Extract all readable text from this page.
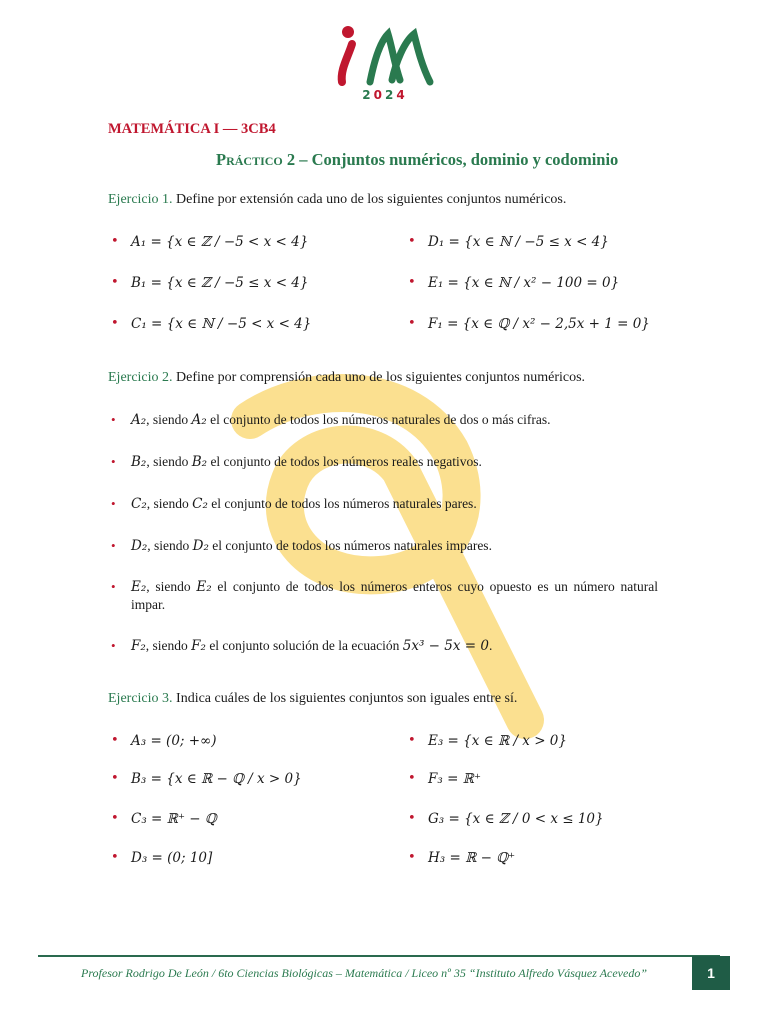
2024
MATEMÁTICA I — 3CB4
Práctico 2 – Conjuntos numéricos, dominio y codominio
Ejercicio 1. Define por extensión cada uno de los siguientes conjuntos numéricos.
• A₁ = {x ∈ ℤ / −5 < x < 4}
• B₁ = {x ∈ ℤ / −5 ≤ x < 4}
• C₁ = {x ∈ ℕ / −5 < x < 4}
• D₁ = {x ∈ ℕ / −5 ≤ x < 4}
• E₁ = {x ∈ ℕ / x² − 100 = 0}
• F₁ = {x ∈ ℚ / x² − 2,5x + 1 = 0}
Ejercicio 2. Define por comprensión cada uno de los siguientes conjuntos numéricos.
• A₂, siendo A₂ el conjunto de todos los números naturales de dos o más cifras.
• B₂, siendo B₂ el conjunto de todos los números reales negativos.
• C₂, siendo C₂ el conjunto de todos los números naturales pares.
• D₂, siendo D₂ el conjunto de todos los números naturales impares.
• E₂, siendo E₂ el conjunto de todos los números enteros cuyo opuesto es un número natural impar.
• F₂, siendo F₂ el conjunto solución de la ecuación 5x³ − 5x = 0.
Ejercicio 3. Indica cuáles de los siguientes conjuntos son iguales entre sí.
• A₃ = (0; +∞)
• B₃ = {x ∈ ℝ − ℚ / x > 0}
• C₃ = ℝ⁺ − ℚ
• D₃ = (0; 10]
• E₃ = {x ∈ ℝ / x > 0}
• F₃ = ℝ⁺
• G₃ = {x ∈ ℤ / 0 < x ≤ 10}
• H₃ = ℝ − ℚ⁺
Profesor Rodrigo De León / 6to Ciencias Biológicas – Matemática / Liceo nº 35 “Instituto Alfredo Vásquez Acevedo”	1
